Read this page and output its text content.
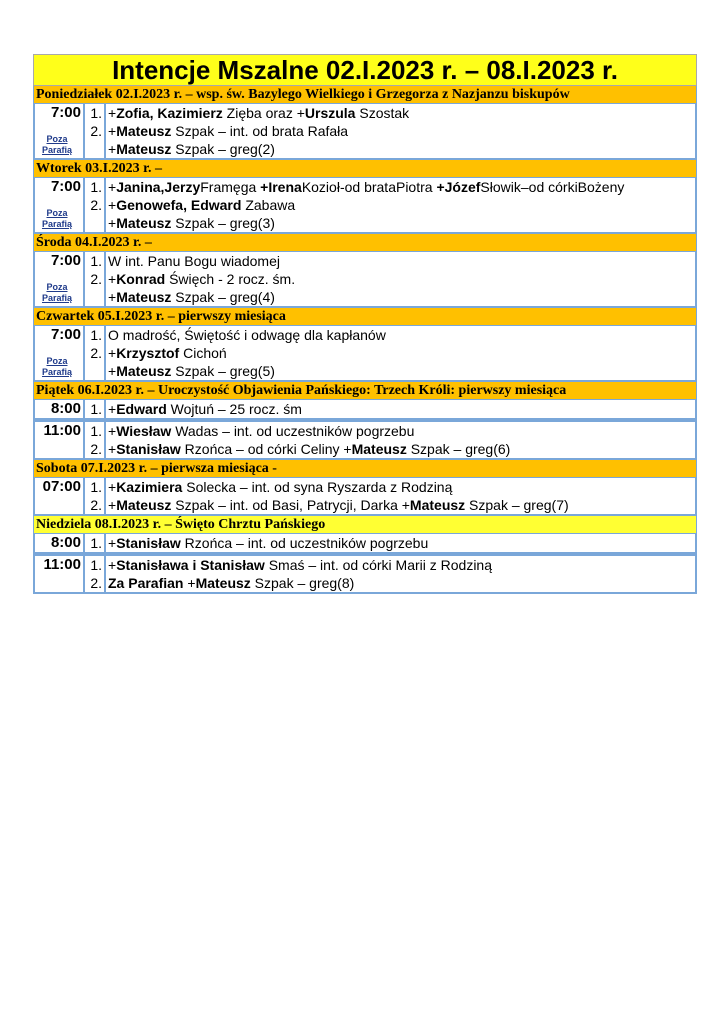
Intencje Mszalne 02.I.2023 r. – 08.I.2023 r.
Poniedziałek 02.I.2023 r. – wsp. św. Bazylego Wielkiego i Grzegorza z Nazjanzu biskupów
7:00
Poza
Parafią
1.
2.
+Zofia, Kazimierz Zięba oraz +Urszula Szostak
+Mateusz Szpak – int. od brata Rafała
+Mateusz Szpak – greg(2)
Wtorek 03.I.2023 r. –
7:00
Poza
Parafią
1.
2.
+Janina,JerzyFramęga +IrenaKozioł-od brataPiotra +JózefSłowik–od córkiBożeny
+Genowefa, Edward Zabawa
+Mateusz Szpak – greg(3)
Środa 04.I.2023 r. –
7:00
Poza
Parafią
1.
2.
W int. Panu Bogu wiadomej
+Konrad Święch - 2 rocz. śm.
+Mateusz Szpak – greg(4)
Czwartek 05.I.2023 r. – pierwszy miesiąca
7:00
Poza
Parafią
1.
2.
O madrość, Świętość i odwagę dla kapłanów
+Krzysztof Cichoń
+Mateusz Szpak – greg(5)
Piątek 06.I.2023 r. – Uroczystość Objawienia Pańskiego: Trzech Króli: pierwszy miesiąca
8:00 1. +Edward Wojtuń – 25 rocz. śm
11:00 1.
2.
+Wiesław Wadas – int. od uczestników pogrzebu
+Stanisław Rzońca – od córki Celiny +Mateusz Szpak – greg(6)
Sobota 07.I.2023 r. – pierwsza miesiąca -
07:00 1.
2.
+Kazimiera Solecka – int. od syna Ryszarda z Rodziną
+Mateusz Szpak – int. od Basi, Patrycji, Darka +Mateusz Szpak – greg(7)
Niedziela 08.I.2023 r. – Święto Chrztu Pańskiego
8:00 1. +Stanisław Rzońca – int. od uczestników pogrzebu
11:00 1.
2.
+Stanisława i Stanisław Smaś – int. od córki Marii z Rodziną
Za Parafian +Mateusz Szpak – greg(8)
